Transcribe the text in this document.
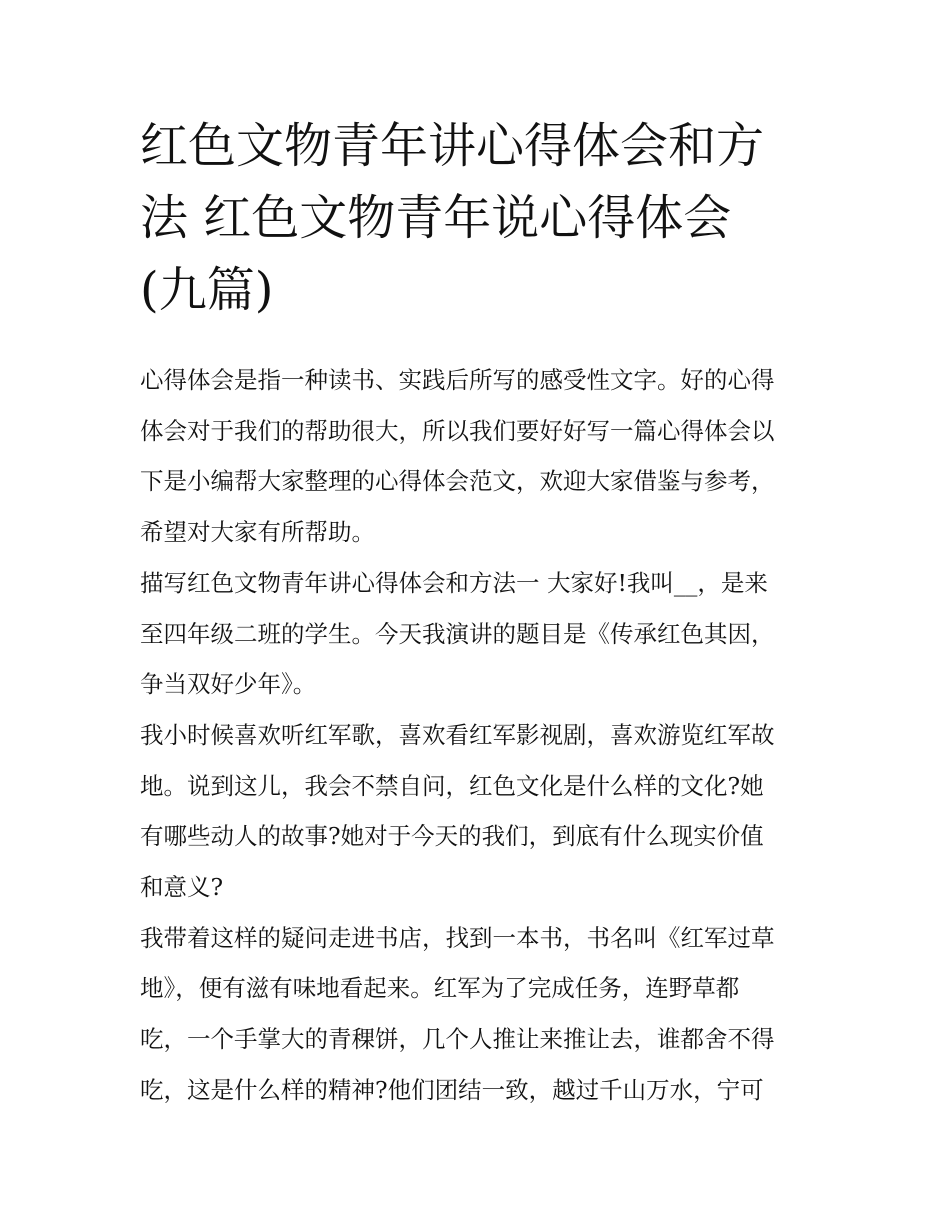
红色文物青年讲心得体会和方
法 红色文物青年说心得体会
(九篇)
心得体会是指一种读书、实践后所写的感受性文字。好的心得
体会对于我们的帮助很大，所以我们要好好写一篇心得体会以
下是小编帮大家整理的心得体会范文，欢迎大家借鉴与参考，
希望对大家有所帮助。
描写红色文物青年讲心得体会和方法一 大家好!我叫__，是来
至四年级二班的学生。今天我演讲的题目是《传承红色其因，
争当双好少年》。
我小时候喜欢听红军歌，喜欢看红军影视剧，喜欢游览红军故
地。说到这儿，我会不禁自问，红色文化是什么样的文化?她
有哪些动人的故事?她对于今天的我们，到底有什么现实价值
和意义?
我带着这样的疑问走进书店，找到一本书，书名叫《红军过草
地》，便有滋有味地看起来。红军为了完成任务，连野草都
吃，一个手掌大的青稞饼，几个人推让来推让去，谁都舍不得
吃，这是什么样的精神?他们团结一致，越过千山万水，宁可
